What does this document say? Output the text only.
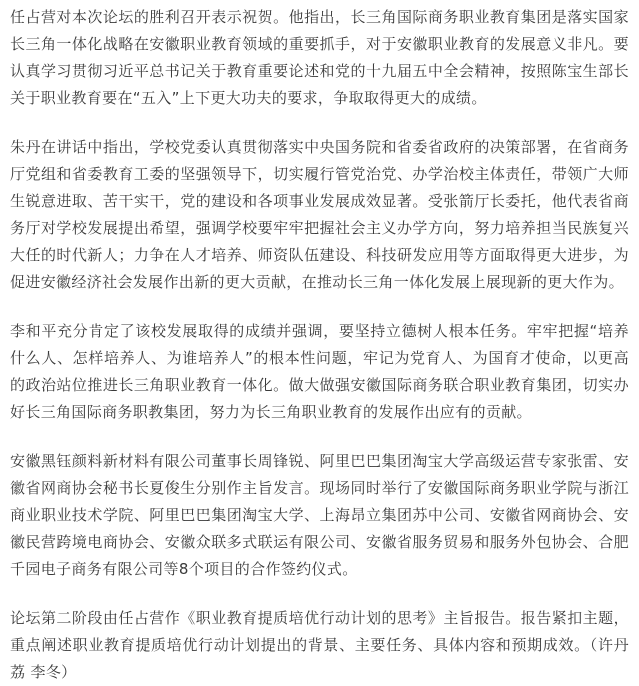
任占营对本次论坛的胜利召开表示祝贺。他指出，长三角国际商务职业教育集团是落实国家长三角一体化战略在安徽职业教育领域的重要抓手，对于安徽职业教育的发展意义非凡。要认真学习贯彻习近平总书记关于教育重要论述和党的十九届五中全会精神，按照陈宝生部长关于职业教育要在“五入”上下更大功夫的要求，争取取得更大的成绩。

朱丹在讲话中指出，学校党委认真贯彻落实中央国务院和省委省政府的决策部署，在省商务厅党组和省委教育工委的坚强领导下，切实履行管党治党、办学治校主体责任，带领广大师生锐意进取、苦干实干，党的建设和各项事业发展成效显著。受张箭厅长委托，他代表省商务厅对学校发展提出希望，强调学校要牢牢把握社会主义办学方向，努力培养担当民族复兴大任的时代新人；力争在人才培养、师资队伍建设、科技研发应用等方面取得更大进步，为促进安徽经济社会发展作出新的更大贡献，在推动长三角一体化发展上展现新的更大作为。

李和平充分肯定了该校发展取得的成绩并强调，要坚持立德树人根本任务。牢牢把握“培养什么人、怎样培养人、为谁培养人”的根本性问题，牢记为党育人、为国育才使命，以更高的政治站位推进长三角职业教育一体化。做大做强安徽国际商务联合职业教育集团，切实办好长三角国际商务职教集团，努力为长三角职业教育的发展作出应有的贡献。

安徽黑钰颜料新材料有限公司董事长周锋锐、阿里巴巴集团淘宝大学高级运营专家张雷、安徽省网商协会秘书长夏俊生分别作主旨发言。现场同时举行了安徽国际商务职业学院与浙江商业职业技术学院、阿里巴巴集团淘宝大学、上海昂立集团苏中公司、安徽省网商协会、安徽民营跨境电商协会、安徽众联多式联运有限公司、安徽省服务贸易和服务外包协会、合肥千园电子商务有限公司等8个项目的合作签约仪式。

论坛第二阶段由任占营作《职业教育提质培优行动计划的思考》主旨报告。报告紧扣主题，重点阐述职业教育提质培优行动计划提出的背景、主要任务、具体内容和预期成效。（许丹荔 李冬）
